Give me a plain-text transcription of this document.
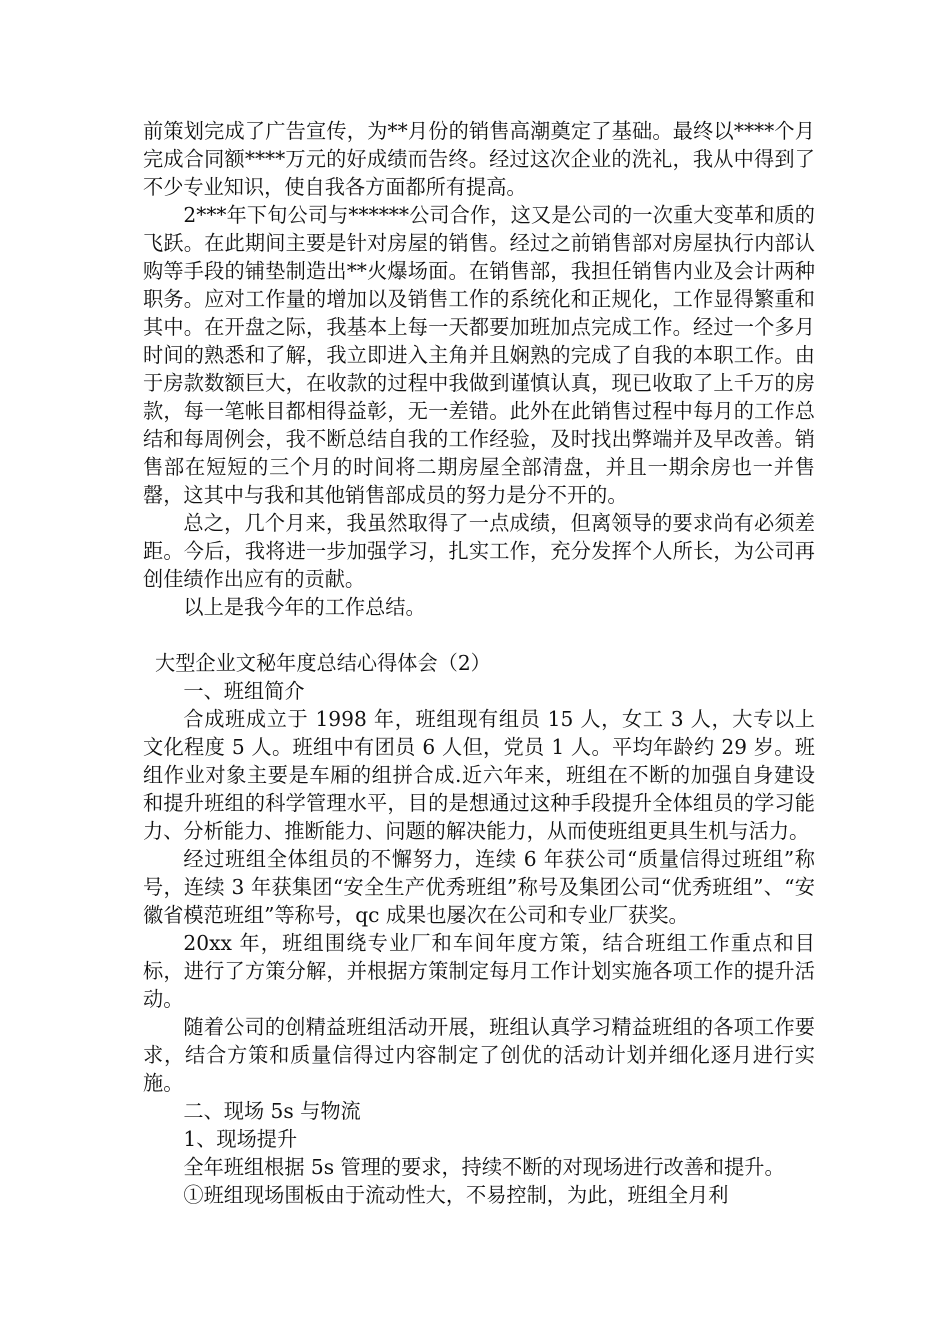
前策划完成了广告宣传，为**月份的销售高潮奠定了基础。最终以****个月完成合同额****万元的好成绩而告终。经过这次企业的洗礼，我从中得到了不少专业知识，使自我各方面都所有提高。

2***年下旬公司与******公司合作，这又是公司的一次重大变革和质的飞跃。在此期间主要是针对房屋的销售。经过之前销售部对房屋执行内部认购等手段的铺垫制造出**火爆场面。在销售部，我担任销售内业及会计两种职务。应对工作量的增加以及销售工作的系统化和正规化，工作显得繁重和其中。在开盘之际，我基本上每一天都要加班加点完成工作。经过一个多月时间的熟悉和了解，我立即进入主角并且娴熟的完成了自我的本职工作。由于房款数额巨大，在收款的过程中我做到谨慎认真，现已收取了上千万的房款，每一笔帐目都相得益彰，无一差错。此外在此销售过程中每月的工作总结和每周例会，我不断总结自我的工作经验，及时找出弊端并及早改善。销售部在短短的三个月的时间将二期房屋全部清盘，并且一期余房也一并售罄，这其中与我和其他销售部成员的努力是分不开的。

总之，几个月来，我虽然取得了一点成绩，但离领导的要求尚有必须差距。今后，我将进一步加强学习，扎实工作，充分发挥个人所长，为公司再创佳绩作出应有的贡献。

以上是我今年的工作总结。

大型企业文秘年度总结心得体会（2）

一、班组简介

合成班成立于 1998 年，班组现有组员 15 人，女工 3 人，大专以上文化程度 5 人。班组中有团员 6 人但，党员 1 人。平均年龄约 29 岁。班组作业对象主要是车厢的组拼合成.近六年来，班组在不断的加强自身建设和提升班组的科学管理水平，目的是想通过这种手段提升全体组员的学习能力、分析能力、推断能力、问题的解决能力，从而使班组更具生机与活力。

经过班组全体组员的不懈努力，连续 6 年获公司“质量信得过班组”称号，连续 3 年获集团“安全生产优秀班组”称号及集团公司“优秀班组”、“安徽省模范班组”等称号，qc 成果也屡次在公司和专业厂获奖。

20xx 年，班组围绕专业厂和车间年度方策，结合班组工作重点和目标，进行了方策分解，并根据方策制定每月工作计划实施各项工作的提升活动。

随着公司的创精益班组活动开展，班组认真学习精益班组的各项工作要求，结合方策和质量信得过内容制定了创优的活动计划并细化逐月进行实施。

二、现场 5s 与物流

1、现场提升

全年班组根据 5s 管理的要求，持续不断的对现场进行改善和提升。

①班组现场围板由于流动性大，不易控制，为此，班组全月利
